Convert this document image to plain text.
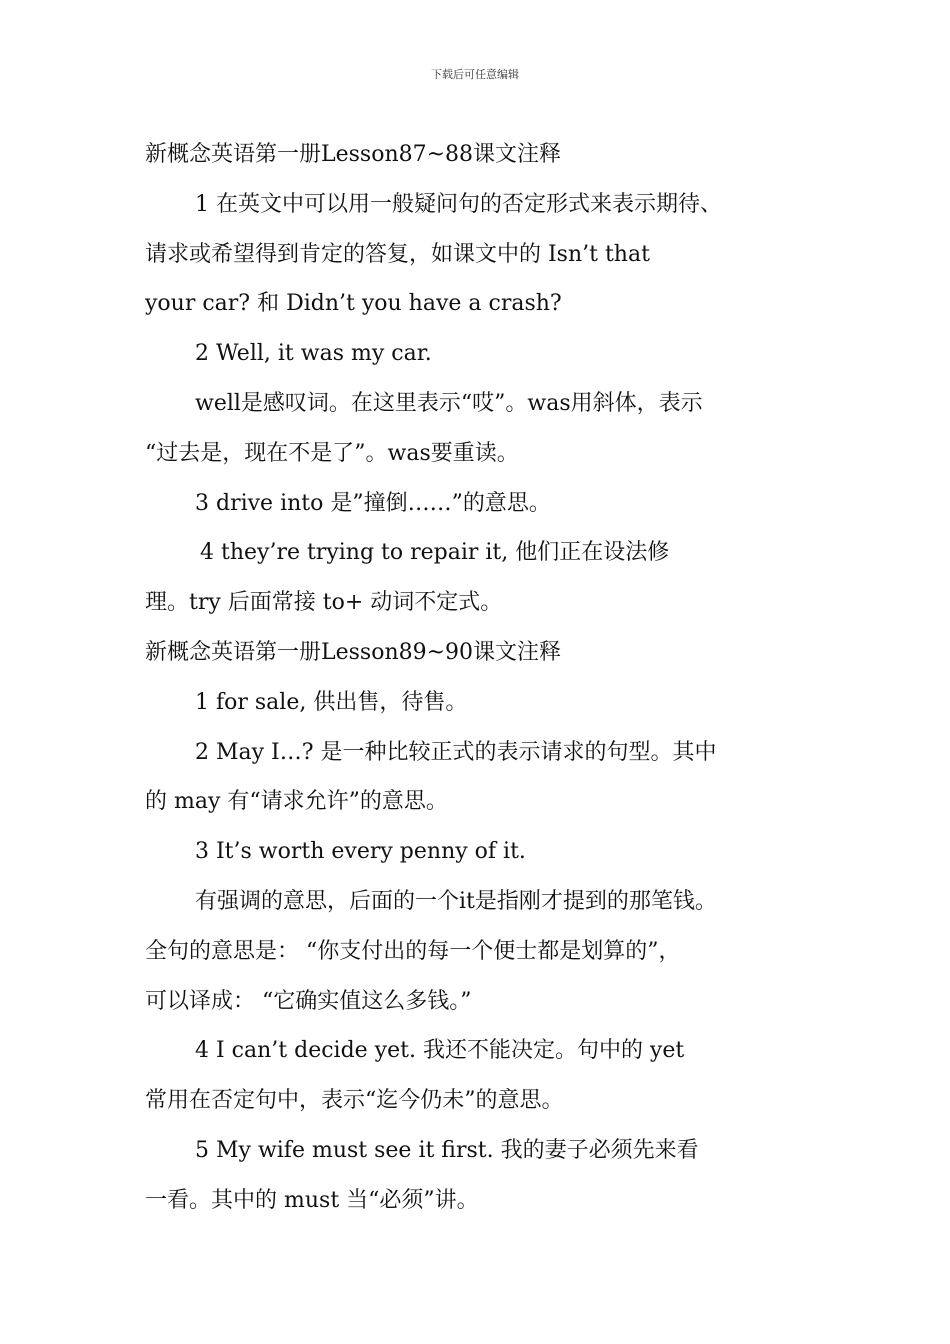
下载后可任意编辑
新概念英语第一册Lesson87~88课文注释
1 在英文中可以用一般疑问句的否定形式来表示期待、
请求或希望得到肯定的答复，如课文中的 Isn’t that
your car? 和 Didn’t you have a crash?
2 Well, it was my car.
well是感叹词。在这里表示“哎”。was用斜体，表示
“过去是，现在不是了”。was要重读。
3 drive into 是”撞倒……”的意思。
4 they’re trying to repair it, 他们正在设法修
理。try 后面常接 to+ 动词不定式。
新概念英语第一册Lesson89~90课文注释
1 for sale, 供出售，待售。
2 May I…? 是一种比较正式的表示请求的句型。其中
的 may 有“请求允许”的意思。
3 It’s worth every penny of it.
有强调的意思，后面的一个it是指刚才提到的那笔钱。
全句的意思是： “你支付出的每一个便士都是划算的”，
可以译成： “它确实值这么多钱。”
4 I can’t decide yet. 我还不能决定。句中的 yet
常用在否定句中，表示“迄今仍未”的意思。
5 My wife must see it first. 我的妻子必须先来看
一看。其中的 must 当“必须”讲。
